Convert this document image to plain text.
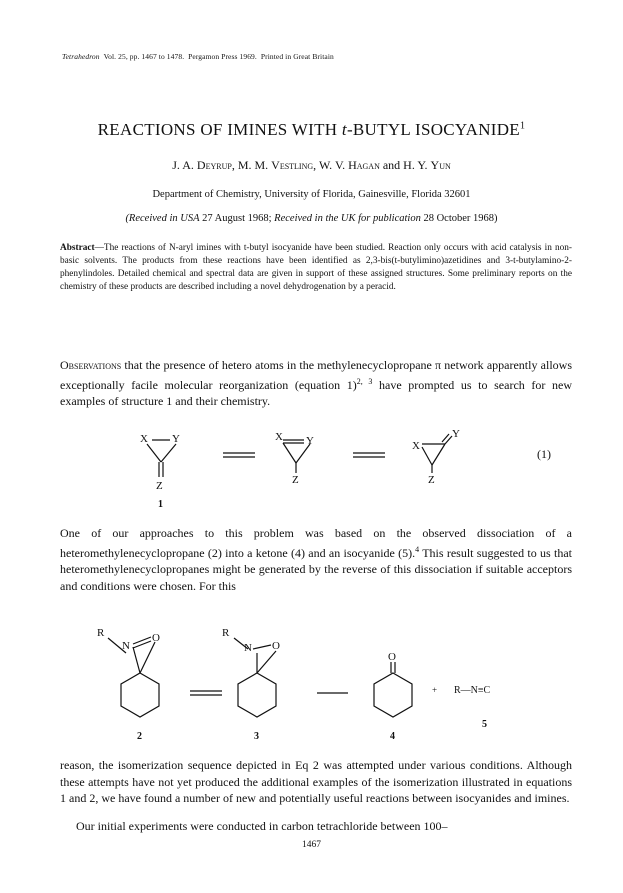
Tetrahedron Vol. 25, pp. 1467 to 1478. Pergamon Press 1969. Printed in Great Britain
REACTIONS OF IMINES WITH t-BUTYL ISOCYANIDE$^1$
J. A. Deyrup, M. M. Vestling, W. V. Hagan and H. Y. Yun
Department of Chemistry, University of Florida, Gainesville, Florida 32601
(Received in USA 27 August 1968; Received in the UK for publication 28 October 1968)
Abstract—The reactions of N-aryl imines with t-butyl isocyanide have been studied. Reaction only occurs with acid catalysis in non-basic solvents. The products from these reactions have been identified as 2,3-bis(t-butylimino)azetidines and 3-t-butylamino-2-phenylindoles. Detailed chemical and spectral data are given in support of these assigned structures. Some preliminary reports on the chemistry of these products are described including a novel dehydrogenation by a peracid.
Observations that the presence of hetero atoms in the methylenecyclopropane π network apparently allows exceptionally facile molecular reorganization (equation 1)$^{2, 3}$ have prompted us to search for new examples of structure 1 and their chemistry.
X Y
Z
X Y
Z
X
Y
Z
1
(1)
One of our approaches to this problem was based on the observed dissociation of a heteromethylenecyclopropane (2) into a ketone (4) and an isocyanide (5).$^4$ This result suggested to us that heteromethylenecyclopropanes might be generated by the reverse of this dissociation if suitable acceptors and conditions were chosen. For this
R
N
O	R
N O
O
+ R—N≡C
2	3	4
5
reason, the isomerization sequence depicted in Eq 2 was attempted under various conditions. Although these attempts have not yet produced the additional examples of the isomerization illustrated in equations 1 and 2, we have found a number of new and potentially useful reactions between isocyanides and imines.
Our initial experiments were conducted in carbon tetrachloride between 100–
1467
